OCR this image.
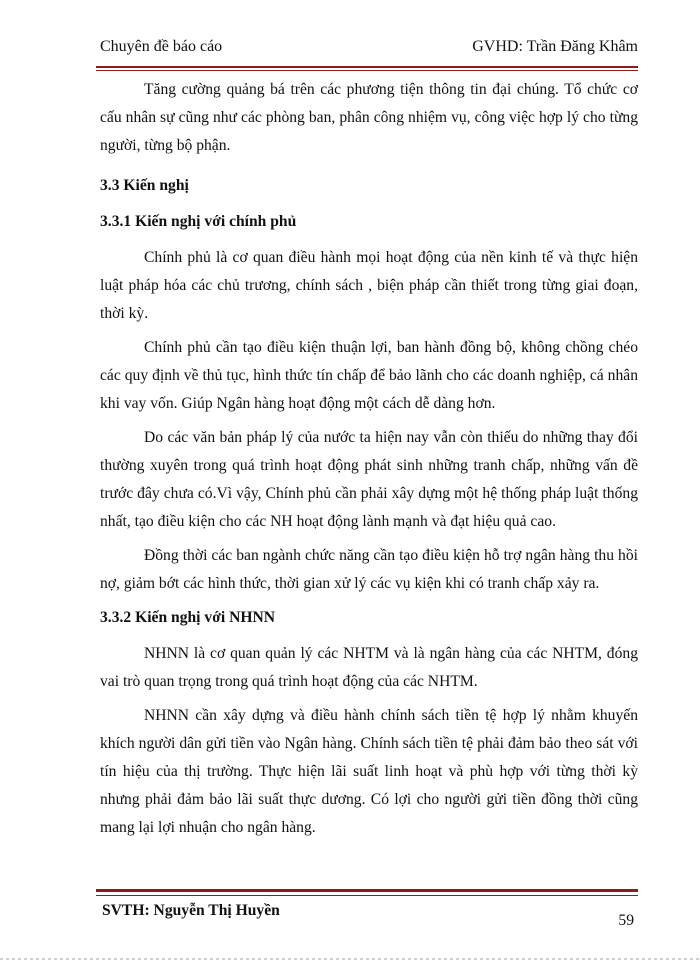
Chuyên đề báo cáo	GVHD: Trần Đăng Khâm

Tăng cường quảng bá trên các phương tiện thông tin đại chúng. Tổ chức cơ cấu nhân sự cũng như các phòng ban, phân công nhiệm vụ, công việc hợp lý cho từng người, từng bộ phận.

3.3 Kiến nghị
3.3.1 Kiến nghị với chính phủ

Chính phủ là cơ quan điều hành mọi hoạt động của nền kinh tế và thực hiện luật pháp hóa các chủ trương, chính sách , biện pháp cần thiết trong từng giai đoạn, thời kỳ.

Chính phủ cần tạo điều kiện thuận lợi, ban hành đồng bộ, không chồng chéo các quy định về thủ tục, hình thức tín chấp để bảo lãnh cho các doanh nghiệp, cá nhân khi vay vốn. Giúp Ngân hàng hoạt động một cách dễ dàng hơn.

Do các văn bản pháp lý của nước ta hiện nay vẫn còn thiếu do những thay đổi thường xuyên trong quá trình hoạt động phát sinh những tranh chấp, những vấn đề trước đây chưa có.Vì vậy, Chính phủ cần phải xây dựng một hệ thống pháp luật thống nhất, tạo điều kiện cho các NH hoạt động lành mạnh và đạt hiệu quả cao.

Đồng thời các ban ngành chức năng cần tạo điều kiện hỗ trợ ngân hàng thu hồi nợ, giảm bớt các hình thức, thời gian xử lý các vụ kiện khi có tranh chấp xảy ra.

3.3.2 Kiến nghị với NHNN

NHNN là cơ quan quản lý các NHTM và là ngân hàng của các NHTM, đóng vai trò quan trọng trong quá trình hoạt động của các NHTM.

NHNN cần xây dựng và điều hành chính sách tiền tệ hợp lý nhằm khuyến khích người dân gửi tiền vào Ngân hàng. Chính sách tiền tệ phải đảm bảo theo sát với tín hiệu của thị trường. Thực hiện lãi suất linh hoạt và phù hợp với từng thời kỳ nhưng phải đảm bảo lãi suất thực dương. Có lợi cho người gửi tiền đồng thời cũng mang lại lợi nhuận cho ngân hàng.

SVTH: Nguyễn Thị Huyền
59
